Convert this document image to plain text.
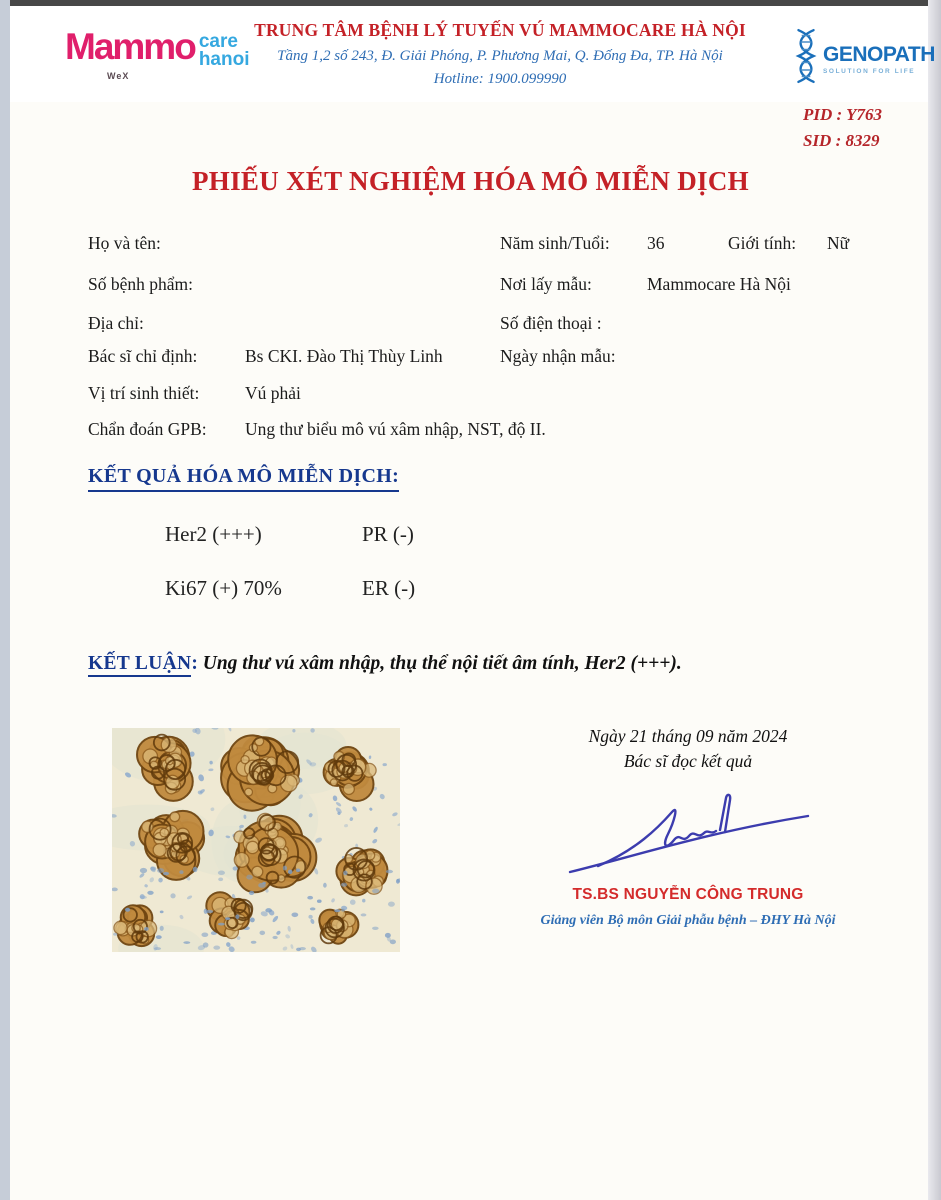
Mammo care
hanoi
WeX
TRUNG TÂM BỆNH LÝ TUYẾN VÚ MAMMOCARE HÀ NỘI
Tầng 1,2 số 243, Đ. Giải Phóng, P. Phương Mai, Q. Đống Đa, TP. Hà Nội
Hotline: 1900.099990
GENOPATH
SOLUTION FOR LIFE
PID : Y763
SID : 8329
PHIẾU XÉT NGHIỆM HÓA MÔ MIỄN DỊCH
Họ và tên:	Năm sinh/Tuổi: 36	Giới tính: Nữ
Số bệnh phẩm:	Nơi lấy mẫu:	Mammocare Hà Nội
Địa chỉ:	Số điện thoại :
Bác sĩ chỉ định:	Bs CKI. Đào Thị Thùy Linh	Ngày nhận mẫu:
Vị trí sinh thiết:	Vú phải
Chẩn đoán GPB: Ung thư biểu mô vú xâm nhập, NST, độ II.
KẾT QUẢ HÓA MÔ MIỄN DỊCH:
Her2 (+++)	PR (-)
Ki67 (+) 70%	ER (-)
KẾT LUẬN: Ung thư vú xâm nhập, thụ thể nội tiết âm tính, Her2 (+++).
Ngày 21 tháng 09 năm 2024
Bác sĩ đọc kết quả
TS.BS NGUYỄN CÔNG TRUNG
Giảng viên Bộ môn Giải phẫu bệnh – ĐHY Hà Nội
